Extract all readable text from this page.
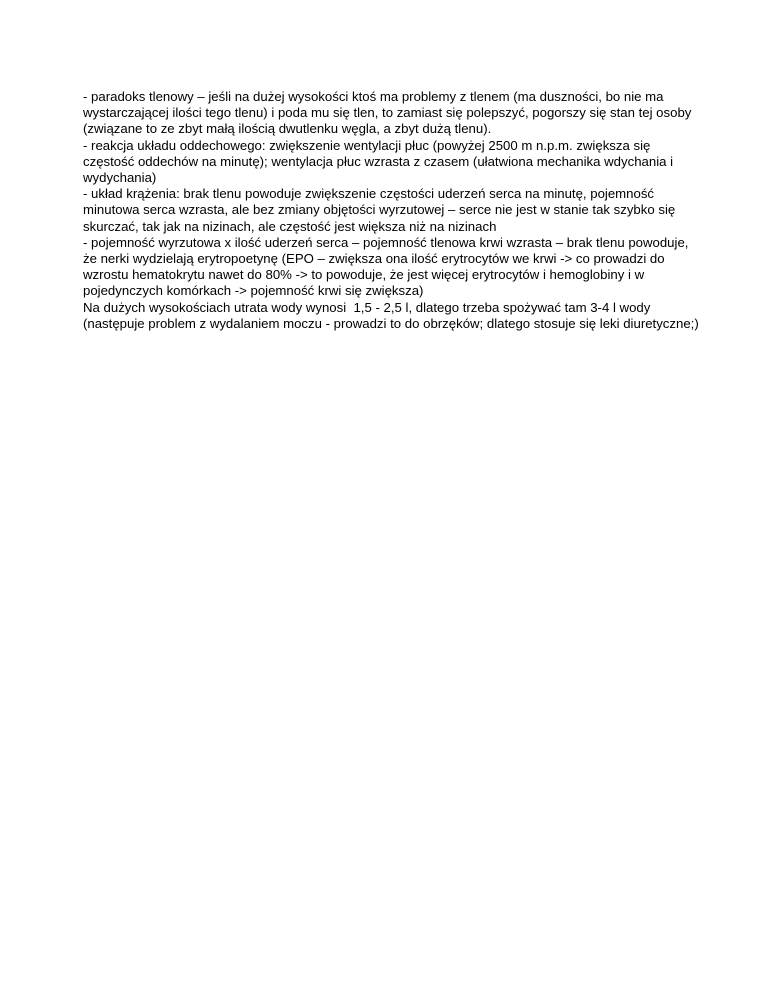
- paradoks tlenowy – jeśli na dużej wysokości ktoś ma problemy z tlenem (ma duszności, bo nie ma
wystarczającej ilości tego tlenu) i poda mu się tlen, to zamiast się polepszyć, pogorszy się stan tej osoby
(związane to ze zbyt małą ilością dwutlenku węgla, a zbyt dużą tlenu).
- reakcja układu oddechowego: zwiększenie wentylacji płuc (powyżej 2500 m n.p.m. zwiększa się
częstość oddechów na minutę); wentylacja płuc wzrasta z czasem (ułatwiona mechanika wdychania i
wydychania)
- układ krążenia: brak tlenu powoduje zwiększenie częstości uderzeń serca na minutę, pojemność
minutowa serca wzrasta, ale bez zmiany objętości wyrzutowej – serce nie jest w stanie tak szybko się
skurczać, tak jak na nizinach, ale częstość jest większa niż na nizinach
- pojemność wyrzutowa x ilość uderzeń serca – pojemność tlenowa krwi wzrasta – brak tlenu powoduje,
że nerki wydzielają erytropoetynę (EPO – zwiększa ona ilość erytrocytów we krwi -> co prowadzi do
wzrostu hematokrytu nawet do 80% -> to powoduje, że jest więcej erytrocytów i hemoglobiny i w
pojedynczych komórkach -> pojemność krwi się zwiększa)
Na dużych wysokościach utrata wody wynosi  1,5 - 2,5 l, dlatego trzeba spożywać tam 3-4 l wody
(następuje problem z wydalaniem moczu - prowadzi to do obrzęków; dlatego stosuje się leki diuretyczne;)
